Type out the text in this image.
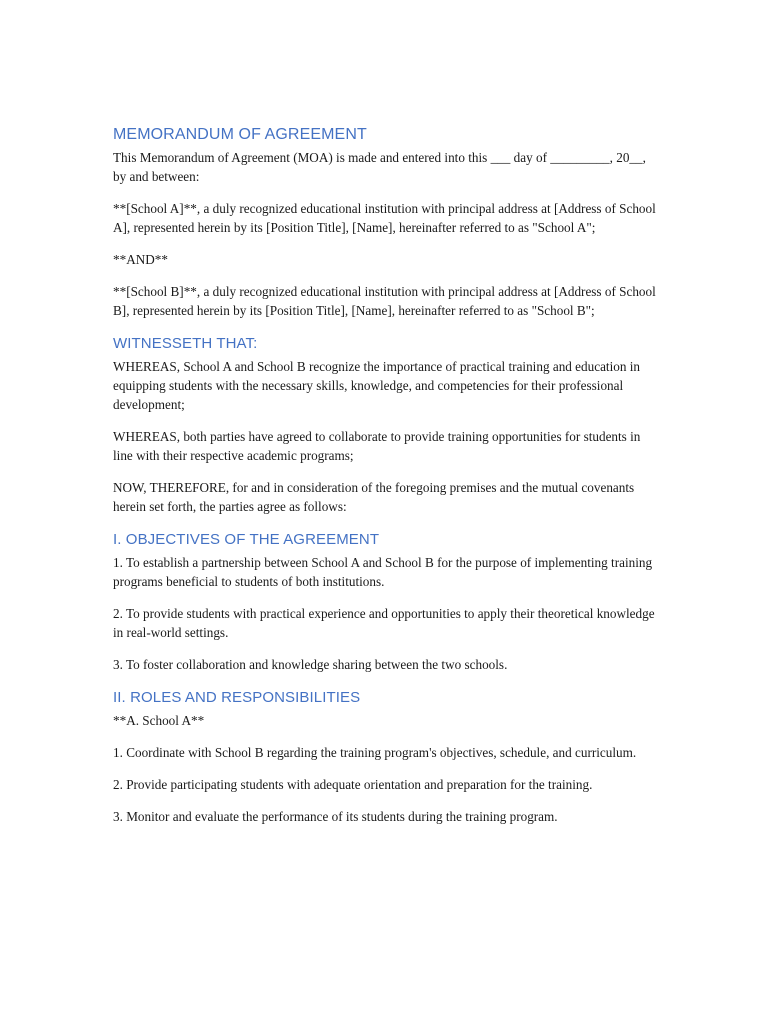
MEMORANDUM OF AGREEMENT

This Memorandum of Agreement (MOA) is made and entered into this ___ day of _________, 20__, by and between:

**[School A]**, a duly recognized educational institution with principal address at [Address of School A], represented herein by its [Position Title], [Name], hereinafter referred to as "School A";

**AND**

**[School B]**, a duly recognized educational institution with principal address at [Address of School B], represented herein by its [Position Title], [Name], hereinafter referred to as "School B";

WITNESSETH THAT:

WHEREAS, School A and School B recognize the importance of practical training and education in equipping students with the necessary skills, knowledge, and competencies for their professional development;

WHEREAS, both parties have agreed to collaborate to provide training opportunities for students in line with their respective academic programs;

NOW, THEREFORE, for and in consideration of the foregoing premises and the mutual covenants herein set forth, the parties agree as follows:

I. OBJECTIVES OF THE AGREEMENT

1. To establish a partnership between School A and School B for the purpose of implementing training programs beneficial to students of both institutions.

2. To provide students with practical experience and opportunities to apply their theoretical knowledge in real-world settings.

3. To foster collaboration and knowledge sharing between the two schools.

II. ROLES AND RESPONSIBILITIES

**A. School A**

1. Coordinate with School B regarding the training program's objectives, schedule, and curriculum.

2. Provide participating students with adequate orientation and preparation for the training.

3. Monitor and evaluate the performance of its students during the training program.
